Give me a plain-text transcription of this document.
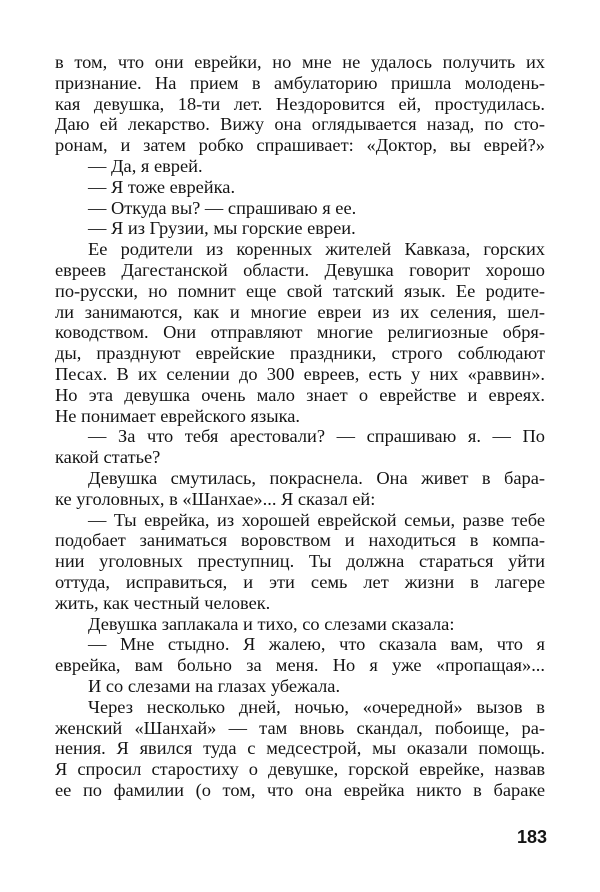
в том, что они еврейки, но мне не удалось получить их
признание. На прием в амбулаторию пришла молодень-
кая девушка, 18-ти лет. Нездоровится ей, простудилась.
Даю ей лекарство. Вижу она оглядывается назад, по сто-
ронам, и затем робко спрашивает: «Доктор, вы еврей?»
— Да, я еврей.
— Я тоже еврейка.
— Откуда вы? — спрашиваю я ее.
— Я из Грузии, мы горские евреи.
Ее родители из коренных жителей Кавказа, горских
евреев Дагестанской области. Девушка говорит хорошо
по-русски, но помнит еще свой татский язык. Ее родите-
ли занимаются, как и многие евреи из их селения, шел-
ководством. Они отправляют многие религиозные обря-
ды, празднуют еврейские праздники, строго соблюдают
Песах. В их селении до 300 евреев, есть у них «раввин».
Но эта девушка очень мало знает о еврействе и евреях.
Не понимает еврейского языка.
— За что тебя арестовали? — спрашиваю я. — По
какой статье?
Девушка смутилась, покраснела. Она живет в бара-
ке уголовных, в «Шанхае»... Я сказал ей:
— Ты еврейка, из хорошей еврейской семьи, разве тебе
подобает заниматься воровством и находиться в компа-
нии уголовных преступниц. Ты должна стараться уйти
оттуда, исправиться, и эти семь лет жизни в лагере
жить, как честный человек.
Девушка заплакала и тихо, со слезами сказала:
— Мне стыдно. Я жалею, что сказала вам, что я
еврейка, вам больно за меня. Но я уже «пропащая»...
И со слезами на глазах убежала.
Через несколько дней, ночью, «очередной» вызов в
женский «Шанхай» — там вновь скандал, побоище, ра-
нения. Я явился туда с медсестрой, мы оказали помощь.
Я спросил старостиху о девушке, горской еврейке, назвав
ее по фамилии (о том, что она еврейка никто в бараке
183
